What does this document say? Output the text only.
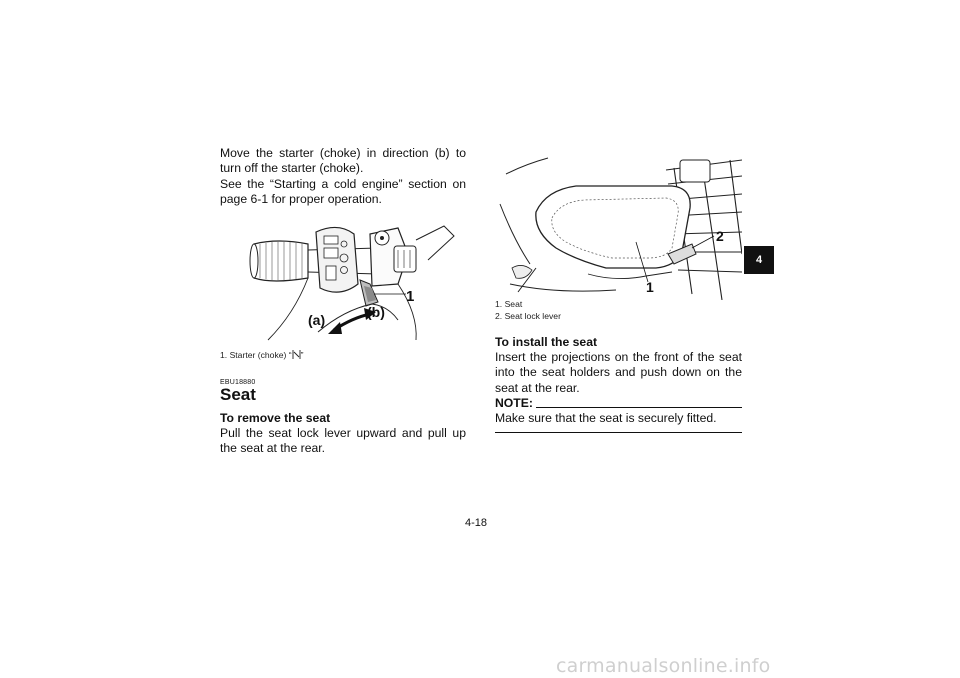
Move the starter (choke) in direction (b) to turn off the starter (choke).
See the “Starting a cold engine” section on page 6-1 for proper operation.
1
(a)	(b)
1. Starter (choke) “ ”
EBU18880
Seat
To remove the seat
Pull the seat lock lever upward and pull up the seat at the rear.
2
1
1. Seat
2. Seat lock lever
To install the seat
Insert the projections on the front of the seat into the seat holders and push down on the seat at the rear.
NOTE:
Make sure that the seat is securely fitted.
4
4-18
carmanualsonline.info
